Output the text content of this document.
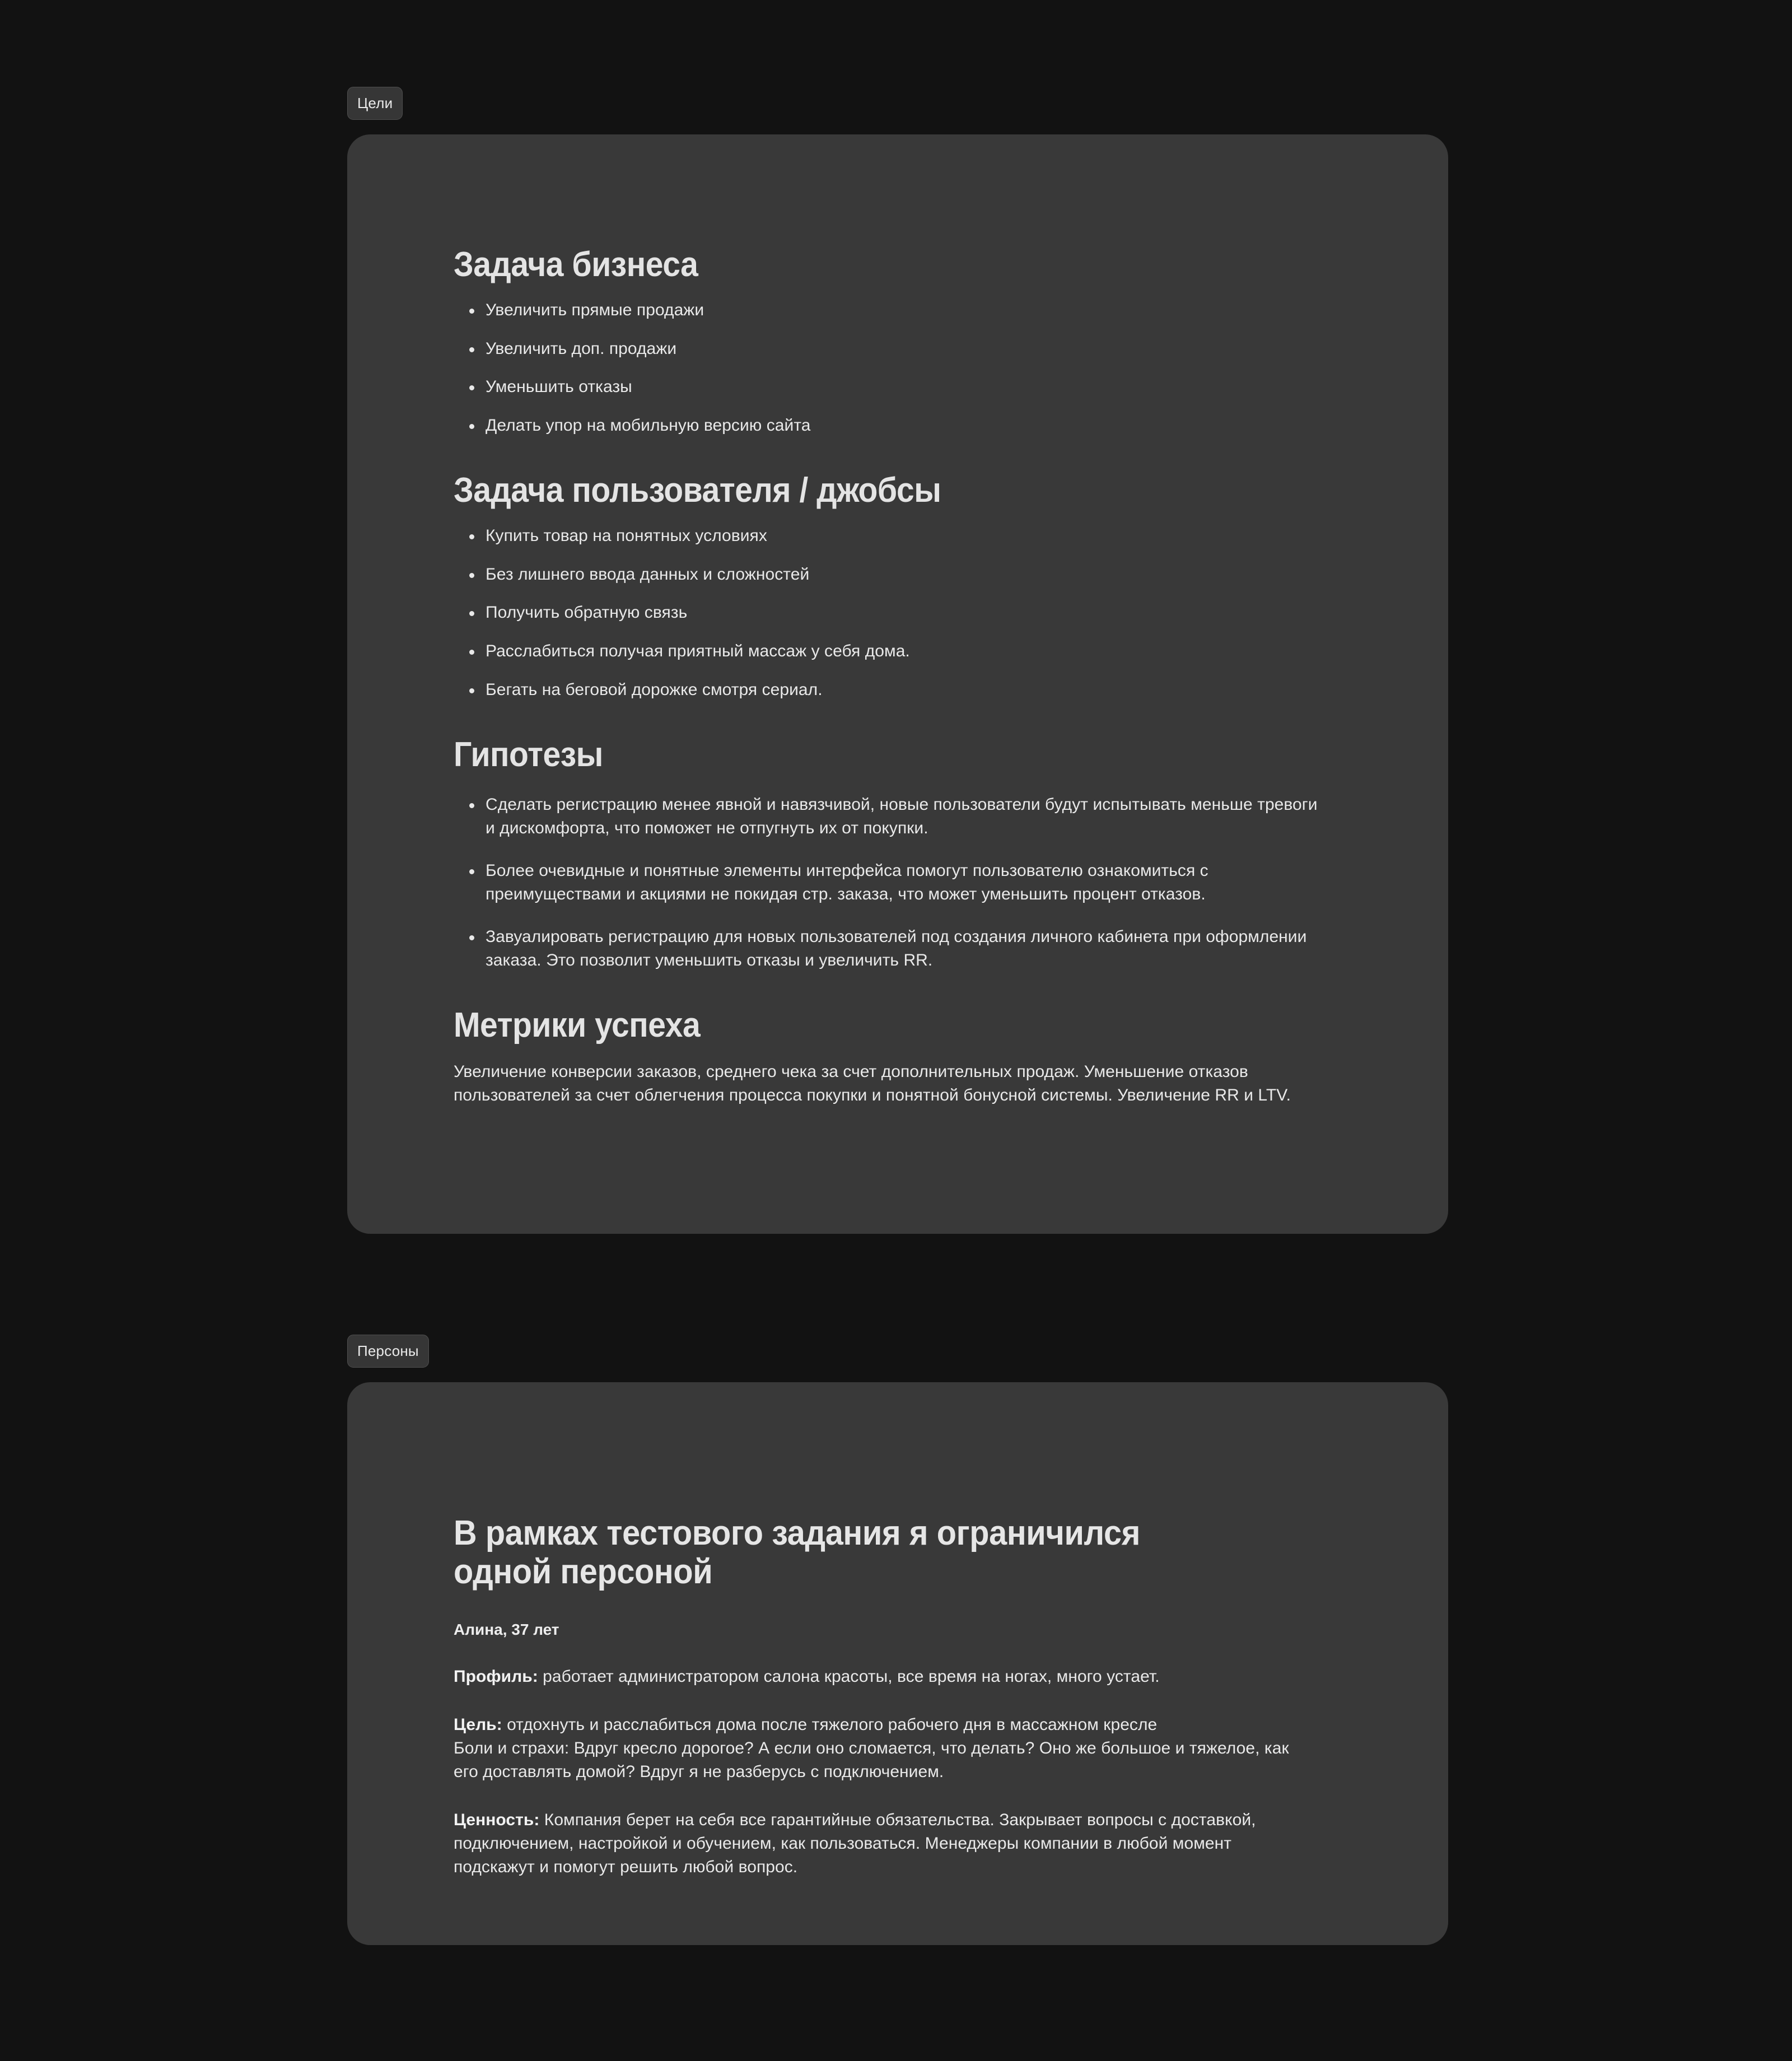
Цели
Задача бизнеса
Увеличить прямые продажи
Увеличить доп. продажи
Уменьшить отказы
Делать упор на мобильную версию сайта
Задача пользователя / джобсы
Купить товар на понятных условиях
Без лишнего ввода данных и сложностей
Получить обратную связь
Расслабиться получая приятный массаж у себя дома.
Бегать на беговой дорожке смотря сериал.
Гипотезы
Сделать регистрацию менее явной и навязчивой, новые пользователи будут испытывать меньше тревоги и дискомфорта, что поможет не отпугнуть их от покупки.
Более очевидные и понятные элементы интерфейса помогут пользователю ознакомиться с преимуществами и акциями не покидая стр. заказа, что может уменьшить процент отказов.
Завуалировать регистрацию для новых пользователей под создания личного кабинета при оформлении заказа. Это позволит уменьшить отказы и увеличить RR.
Метрики успеха

Увеличение конверсии заказов, среднего чека за счет дополнительных продаж. Уменьшение отказов пользователей за счет облегчения процесса покупки и понятной бонусной системы. Увеличение RR и LTV.

Персоны
В рамках тестового задания я ограничился одной персоной
Алина, 37 лет
Профиль: работает администратором салона красоты, все время на ногах, много устает.
Цель: отдохнуть и расслабиться дома после тяжелого рабочего дня в массажном кресле
Боли и страхи: Вдруг кресло дорогое? А если оно сломается, что делать? Оно же большое и тяжелое, как его доставлять домой? Вдруг я не разберусь с подключением.
Ценность: Компания берет на себя все гарантийные обязательства. Закрывает вопросы с доставкой, подключением, настройкой и обучением, как пользоваться. Менеджеры компании в любой момент подскажут и помогут решить любой вопрос.
